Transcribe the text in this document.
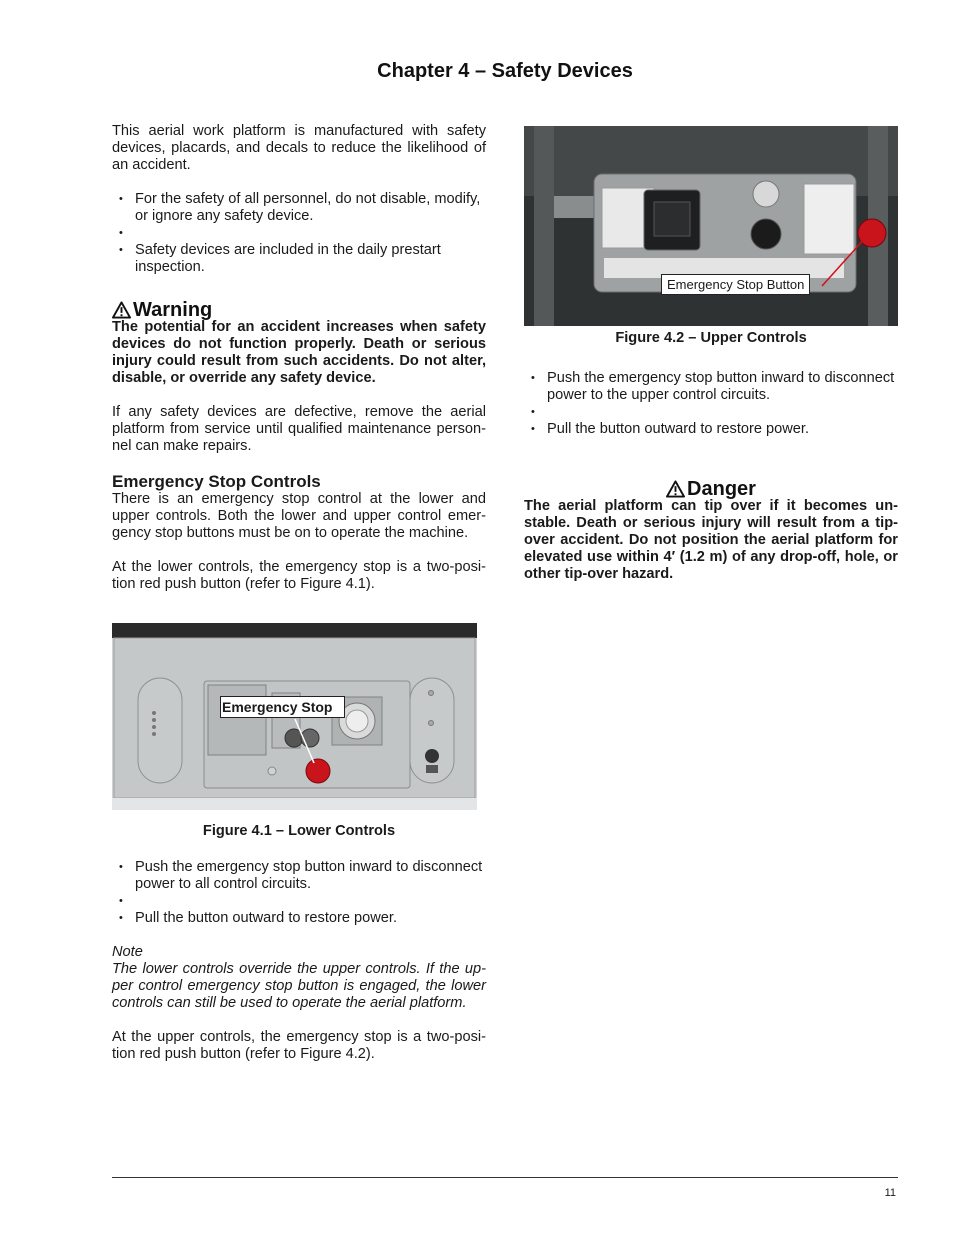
Chapter 4 – Safety Devices

This aerial work platform is manufactured with safety devices, placards, and decals to reduce the likelihood of an accident.

• For the safety of all personnel, do not disable, modify, or ignore any safety device.
•
• Safety devices are included in the daily prestart inspection.
Warning

The potential for an accident increases when safety devices do not function properly. Death or serious injury could result from such accidents. Do not alter, disable, or override any safety device.

If any safety devices are defective, remove the aerial platform from service until qualified maintenance person-nel can make repairs.

Emergency Stop Controls

There is an emergency stop control at the lower and upper controls. Both the lower and upper control emer-gency stop buttons must be on to operate the machine.

At the lower controls, the emergency stop is a two-posi-tion red push button (refer to Figure 4.1).

Emergency Stop
Figure 4.1 – Lower Controls
• Push the emergency stop button inward to disconnect power to all control circuits.
•
• Pull the button outward to restore power.

Note

The lower controls override the upper controls. If the up-per control emergency stop button is engaged, the lower controls can still be used to operate the aerial platform.

At the upper controls, the emergency stop is a two-posi-tion red push button (refer to Figure 4.2).

Emergency Stop Button
Figure 4.2 – Upper Controls
• Push the emergency stop button inward to disconnect power to the upper control circuits.
•
• Pull the button outward to restore power.
Danger

The aerial platform can tip over if it becomes un-stable. Death or serious injury will result from a tip-over accident. Do not position the aerial platform for elevated use within 4′ (1.2 m) of any drop-off, hole, or other tip-over hazard.

11
